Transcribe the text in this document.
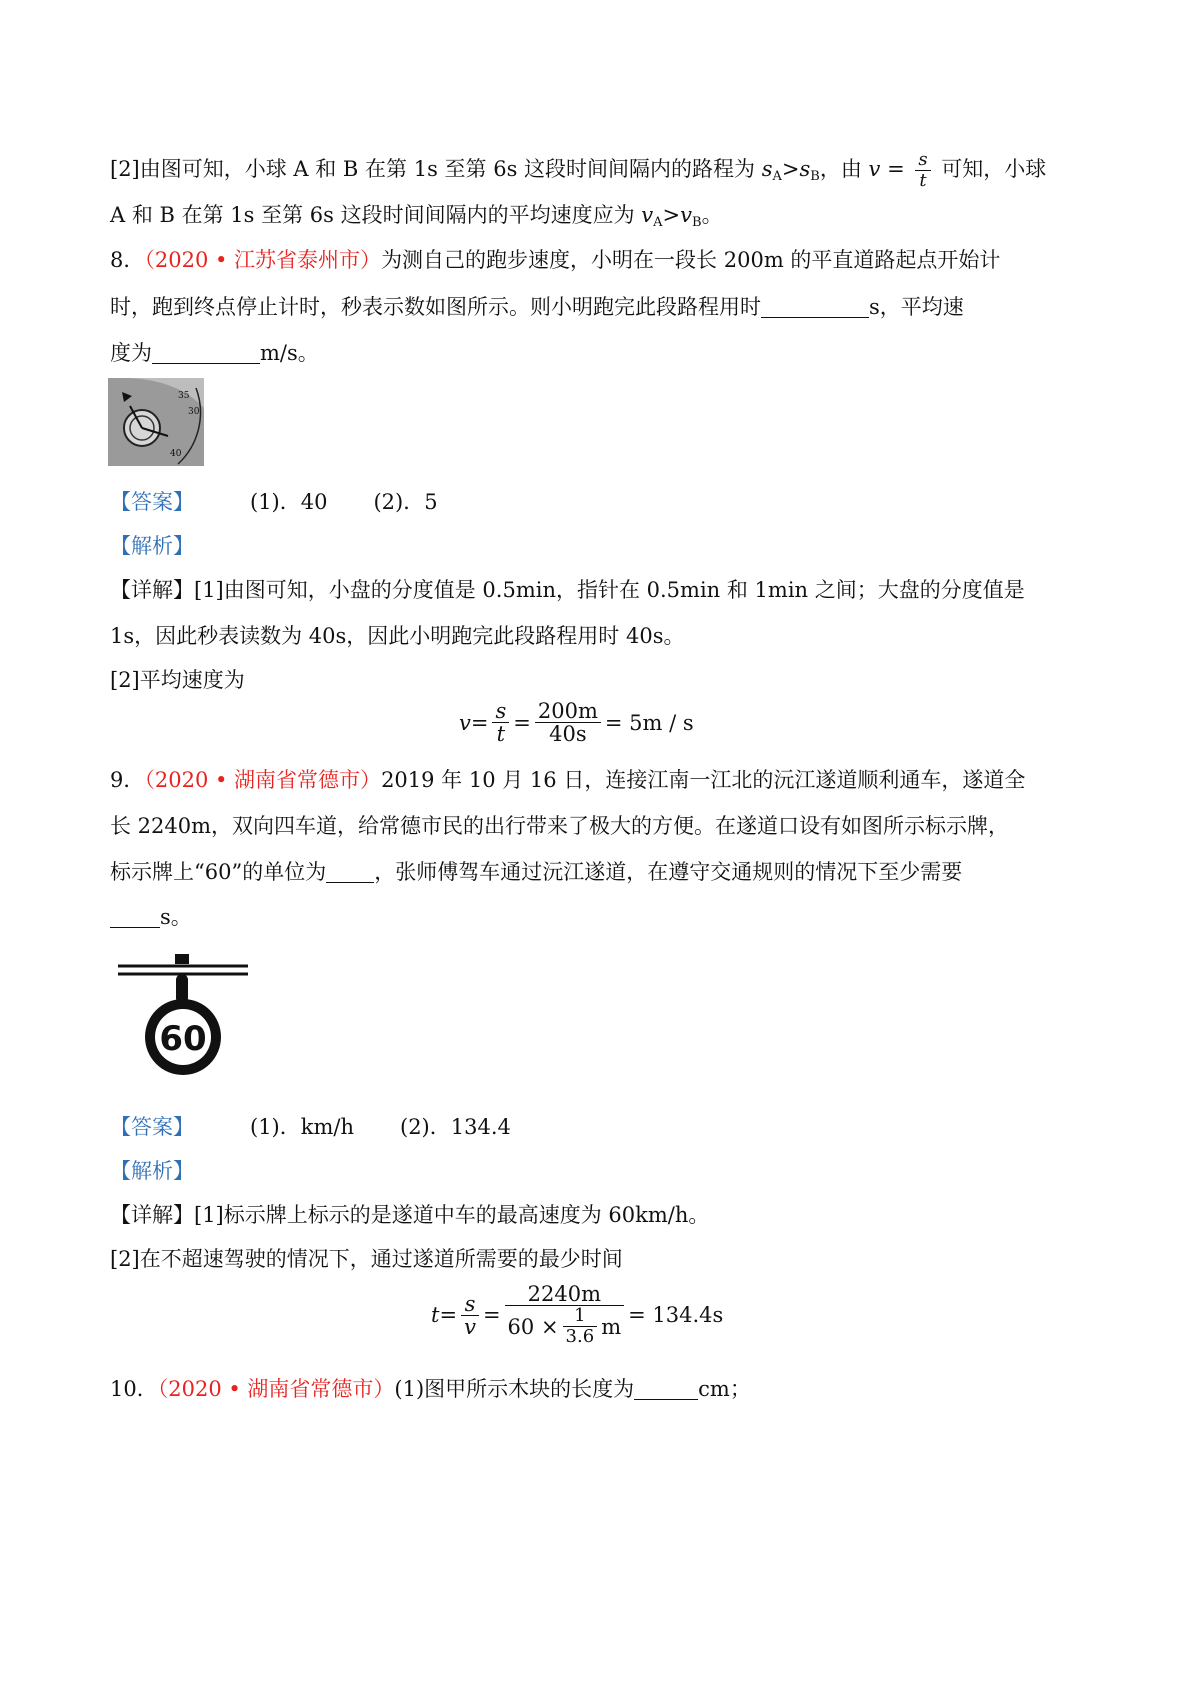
[2]由图可知，小球 A 和 B 在第 1s 至第 6s 这段时间间隔内的路程为 $s_A>s_B$，由 $v = \frac{s}{t}$ 可知，小球
A 和 B 在第 1s 至第 6s 这段时间间隔内的平均速度应为 $v_A>v_B$。
8．（2020 • 江苏省泰州市）为测自己的跑步速度，小明在一段长 200m 的平直道路起点开始计
时，跑到终点停止计时，秒表示数如图所示。则小明跑完此段路程用时	s，平均速
度为	m/s。
35
30
40
【答案】	(1)．40 (2)．5
【解析】
【详解】[1]由图可知，小盘的分度值是 0.5min，指针在 0.5min 和 1min 之间；大盘的分度值是
1s，因此秒表读数为 40s，因此小明跑完此段路程用时 40s。
[2]平均速度为
$v = \frac{s}{t} = \frac{200m}{40s} = 5m / s$
9．（2020 • 湖南省常德市）2019 年 10 月 16 日，连接江南一江北的沅江遂道顺利通车，遂道全
长 2240m，双向四车道，给常德市民的出行带来了极大的方便。在遂道口设有如图所示标示牌，
标示牌上“60”的单位为 ，张师傅驾车通过沅江遂道，在遵守交通规则的情况下至少需要
s。
60
【答案】	(1)．km/h (2)．134.4
【解析】
【详解】[1]标示牌上标示的是遂道中车的最高速度为 60km/h。
[2]在不超速驾驶的情况下，通过遂道所需要的最少时间
$t = \frac{s}{v} = \frac{2240m}{60 \times \frac{1}{3.6} m} = 134.4s$
10．（2020 • 湖南省常德市）(1)图甲所示木块的长度为	cm；
